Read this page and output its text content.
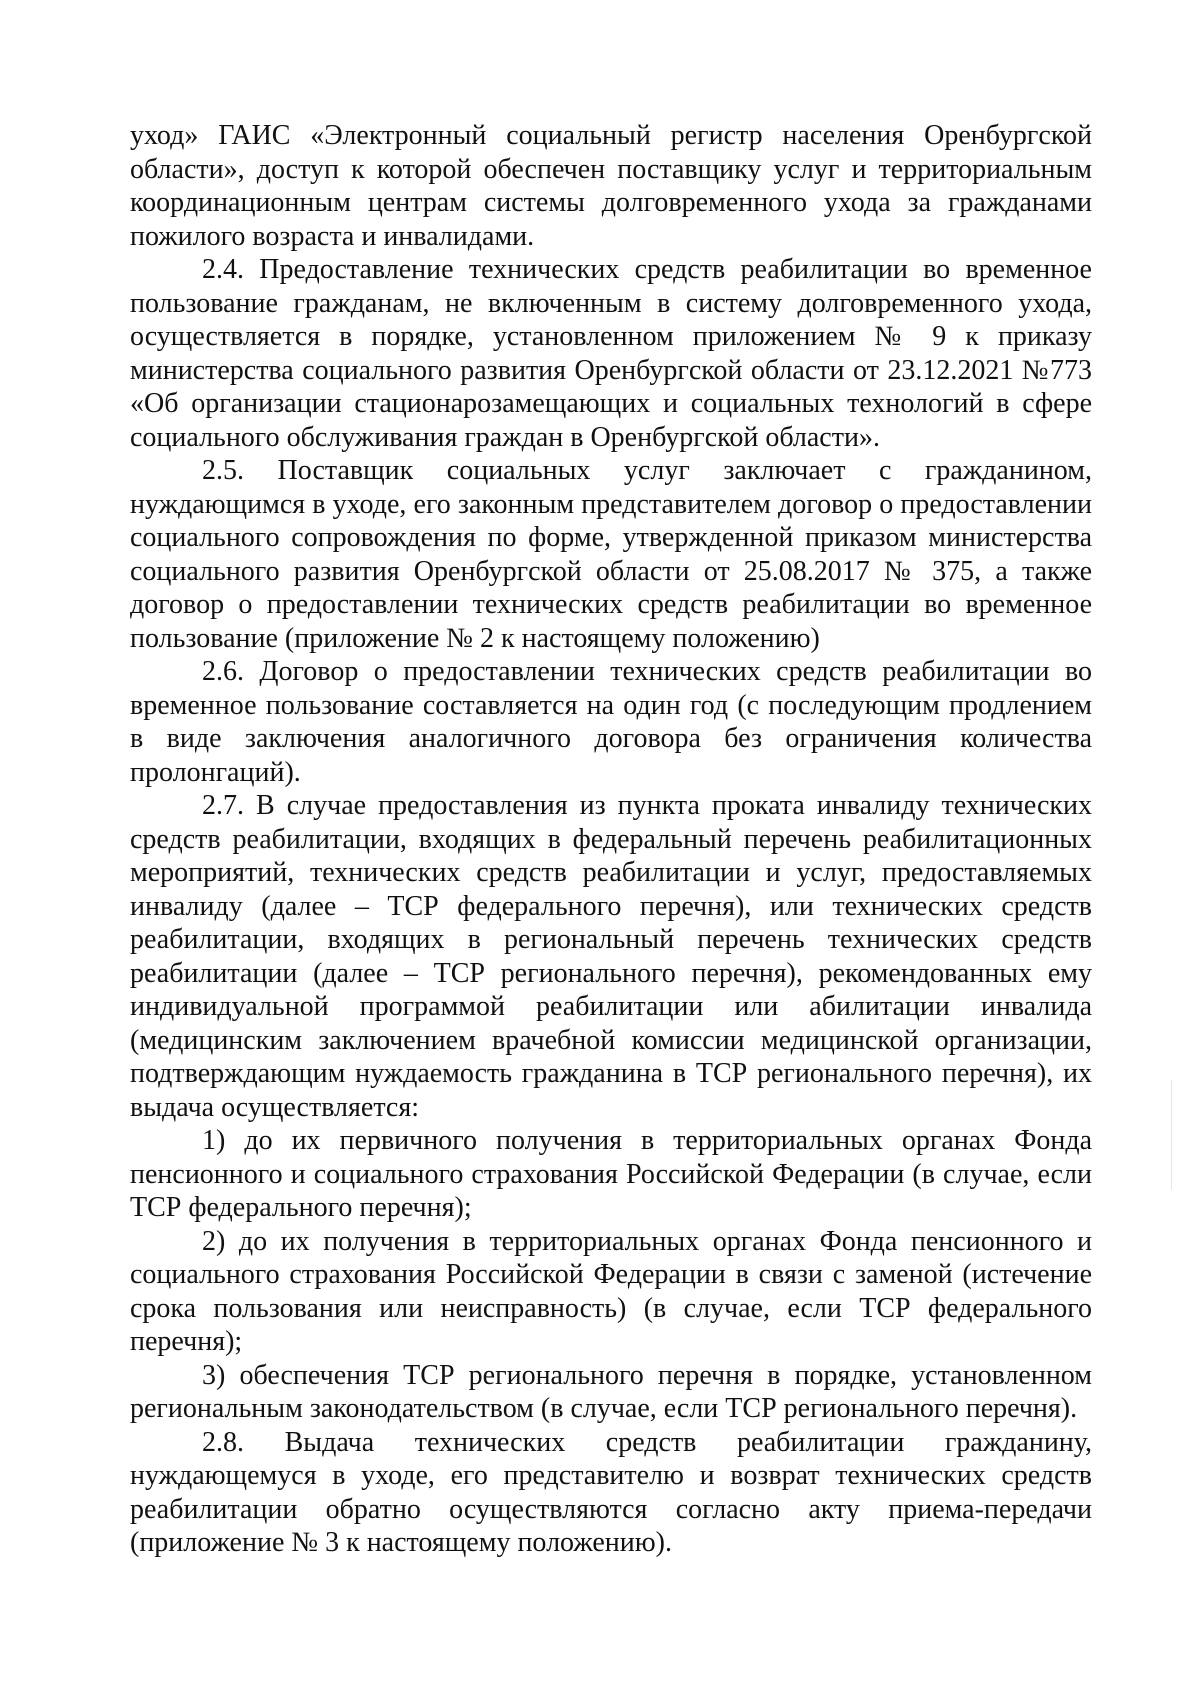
уход» ГАИС «Электронный социальный регистр населения Оренбургской области», доступ к которой обеспечен поставщику услуг и территориальным координационным центрам системы долговременного ухода за гражданами пожилого возраста и инвалидами.

2.4. Предоставление технических средств реабилитации во временное пользование гражданам, не включенным в систему долговременного ухода, осуществляется в порядке, установленном приложением № 9 к приказу министерства социального развития Оренбургской области от 23.12.2021 №773 «Об организации стационарозамещающих и социальных технологий в сфере социального обслуживания граждан в Оренбургской области».

2.5. Поставщик социальных услуг заключает с гражданином, нуждающимся в уходе, его законным представителем договор о предоставлении социального сопровождения по форме, утвержденной приказом министерства социального развития Оренбургской области от 25.08.2017 № 375, а также договор о предоставлении технических средств реабилитации во временное пользование (приложение № 2 к настоящему положению)

2.6. Договор о предоставлении технических средств реабилитации во временное пользование составляется на один год (с последующим продлением в виде заключения аналогичного договора без ограничения количества пролонгаций).

2.7. В случае предоставления из пункта проката инвалиду технических средств реабилитации, входящих в федеральный перечень реабилитационных мероприятий, технических средств реабилитации и услуг, предоставляемых инвалиду (далее – ТСР федерального перечня), или технических средств реабилитации, входящих в региональный перечень технических средств реабилитации (далее – ТСР регионального перечня), рекомендованных ему индивидуальной программой реабилитации или абилитации инвалида (медицинским заключением врачебной комиссии медицинской организации, подтверждающим нуждаемость гражданина в ТСР регионального перечня), их выдача осуществляется:

1) до их первичного получения в территориальных органах Фонда пенсионного и социального страхования Российской Федерации (в случае, если ТСР федерального перечня);

2) до их получения в территориальных органах Фонда пенсионного и социального страхования Российской Федерации в связи с заменой (истечение срока пользования или неисправность) (в случае, если ТСР федерального перечня);

3) обеспечения ТСР регионального перечня в порядке, установленном региональным законодательством (в случае, если ТСР регионального перечня).

2.8. Выдача технических средств реабилитации гражданину, нуждающемуся в уходе, его представителю и возврат технических средств реабилитации обратно осуществляются согласно акту приема-передачи (приложение № 3 к настоящему положению).
